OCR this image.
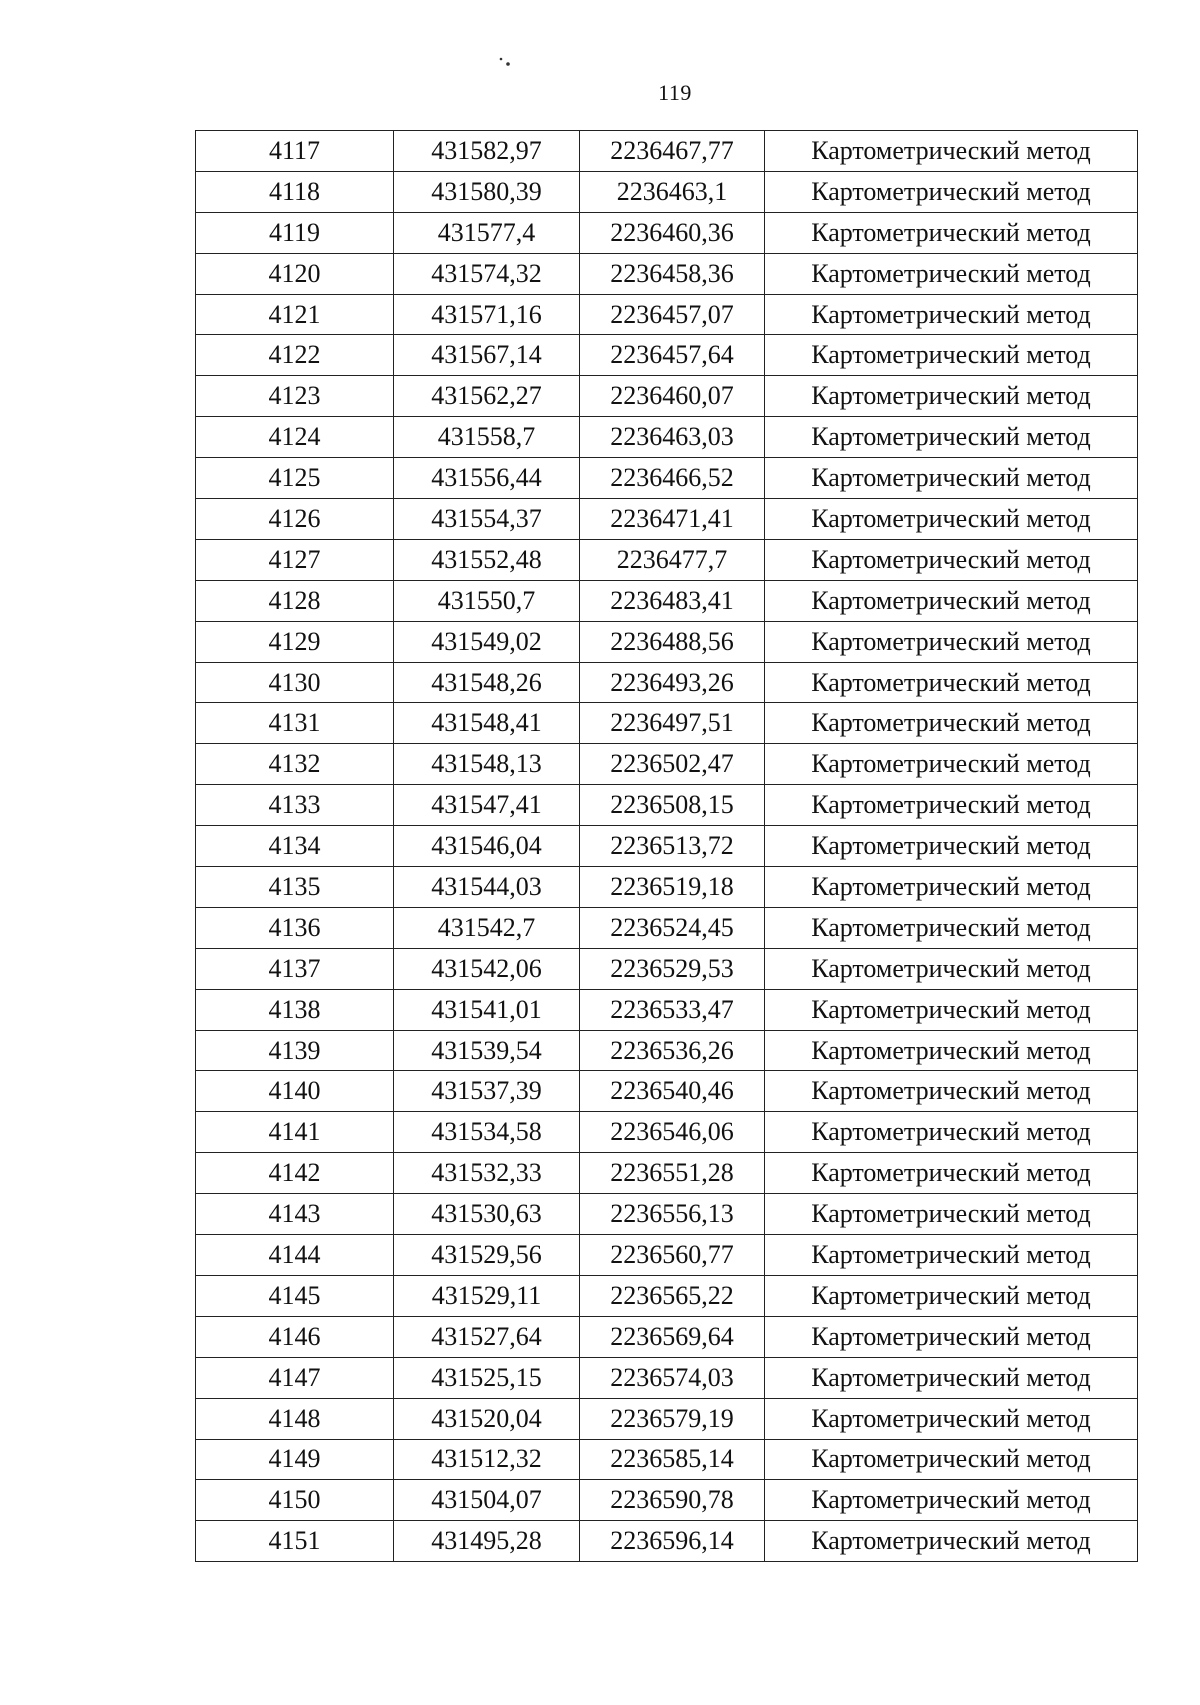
119
4117	431582,97	2236467,77	Картометрический метод
4118	431580,39	2236463,1	Картометрический метод
4119	431577,4	2236460,36	Картометрический метод
4120	431574,32	2236458,36	Картометрический метод
4121	431571,16	2236457,07	Картометрический метод
4122	431567,14	2236457,64	Картометрический метод
4123	431562,27	2236460,07	Картометрический метод
4124	431558,7	2236463,03	Картометрический метод
4125	431556,44	2236466,52	Картометрический метод
4126	431554,37	2236471,41	Картометрический метод
4127	431552,48	2236477,7	Картометрический метод
4128	431550,7	2236483,41	Картометрический метод
4129	431549,02	2236488,56	Картометрический метод
4130	431548,26	2236493,26	Картометрический метод
4131	431548,41	2236497,51	Картометрический метод
4132	431548,13	2236502,47	Картометрический метод
4133	431547,41	2236508,15	Картометрический метод
4134	431546,04	2236513,72	Картометрический метод
4135	431544,03	2236519,18	Картометрический метод
4136	431542,7	2236524,45	Картометрический метод
4137	431542,06	2236529,53	Картометрический метод
4138	431541,01	2236533,47	Картометрический метод
4139	431539,54	2236536,26	Картометрический метод
4140	431537,39	2236540,46	Картометрический метод
4141	431534,58	2236546,06	Картометрический метод
4142	431532,33	2236551,28	Картометрический метод
4143	431530,63	2236556,13	Картометрический метод
4144	431529,56	2236560,77	Картометрический метод
4145	431529,11	2236565,22	Картометрический метод
4146	431527,64	2236569,64	Картометрический метод
4147	431525,15	2236574,03	Картометрический метод
4148	431520,04	2236579,19	Картометрический метод
4149	431512,32	2236585,14	Картометрический метод
4150	431504,07	2236590,78	Картометрический метод
4151	431495,28	2236596,14	Картометрический метод
